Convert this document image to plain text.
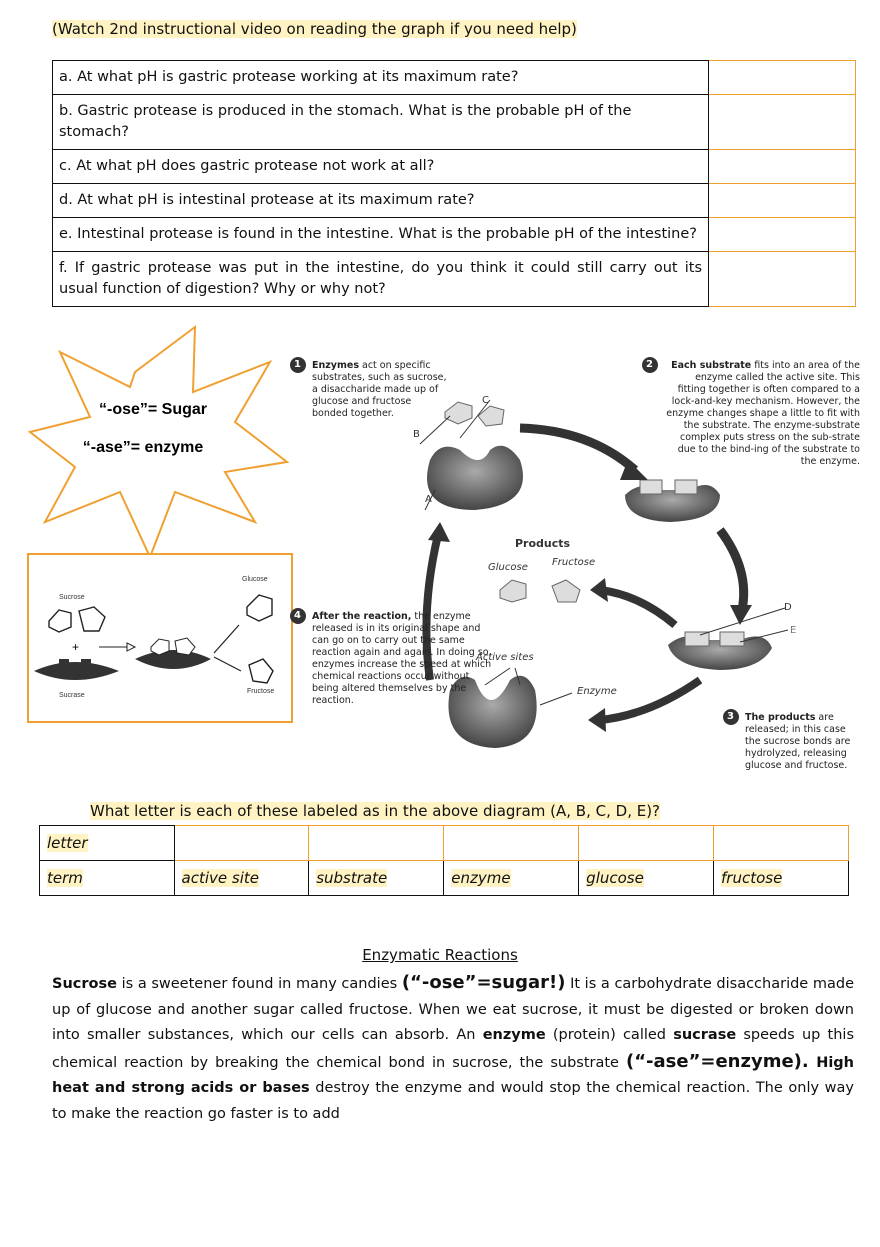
(Watch 2nd instructional video on reading the graph if you need help)
a. At what pH is gastric protease working at its maximum rate?	
b. Gastric protease is produced in the stomach. What is the probable pH of the stomach?	
c. At what pH does gastric protease not work at all?	
d. At what pH is intestinal protease at its maximum rate?	
e. Intestinal protease is found in the intestine. What is the probable pH of the intestine?	
f. If gastric protease was put in the intestine, do you think it could still carry out its usual function of digestion? Why or why not?	
“-ose”= Sugar
“-ase”= enzyme
Sucrose
+
Sucrase
Glucose
Fructose
1	2
3
4
Enzymes act on specific substrates, such as sucrose, a disaccharide made up of glucose and fructose bonded together.
Each substrate fits into an area of the enzyme called the active site. This fitting together is often compared to a lock-and-key mechanism. However, the enzyme changes shape a little to fit with the substrate. The enzyme-substrate complex puts stress on the sub-strate due to the bind-ing of the substrate to the enzyme.
The products are released; in this case the sucrose bonds are hydrolyzed, releasing glucose and fructose.
After the reaction, the enzyme released is in its original shape and can go on to carry out the same reaction again and again. In doing so, enzymes increase the speed at which chemical reactions occur without being altered themselves by the reaction.
Products
Glucose Fructose
Active sites
Enzyme
A
B
C
D
E
What letter is each of these labeled as in the above diagram (A, B, C, D, E)?
letter					
term	active site	substrate	enzyme	glucose	fructose
Enzymatic Reactions
Sucrose is a sweetener found in many candies (“-ose”=sugar!) It is a carbohydrate disaccharide made up of glucose and another sugar called fructose. When we eat sucrose, it must be digested or broken down into smaller substances, which our cells can absorb. An enzyme (protein) called sucrase speeds up this chemical reaction by breaking the chemical bond in sucrose, the substrate (“-ase”=enzyme). High heat and strong acids or bases destroy the enzyme and would stop the chemical reaction. The only way to make the reaction go faster is to add
